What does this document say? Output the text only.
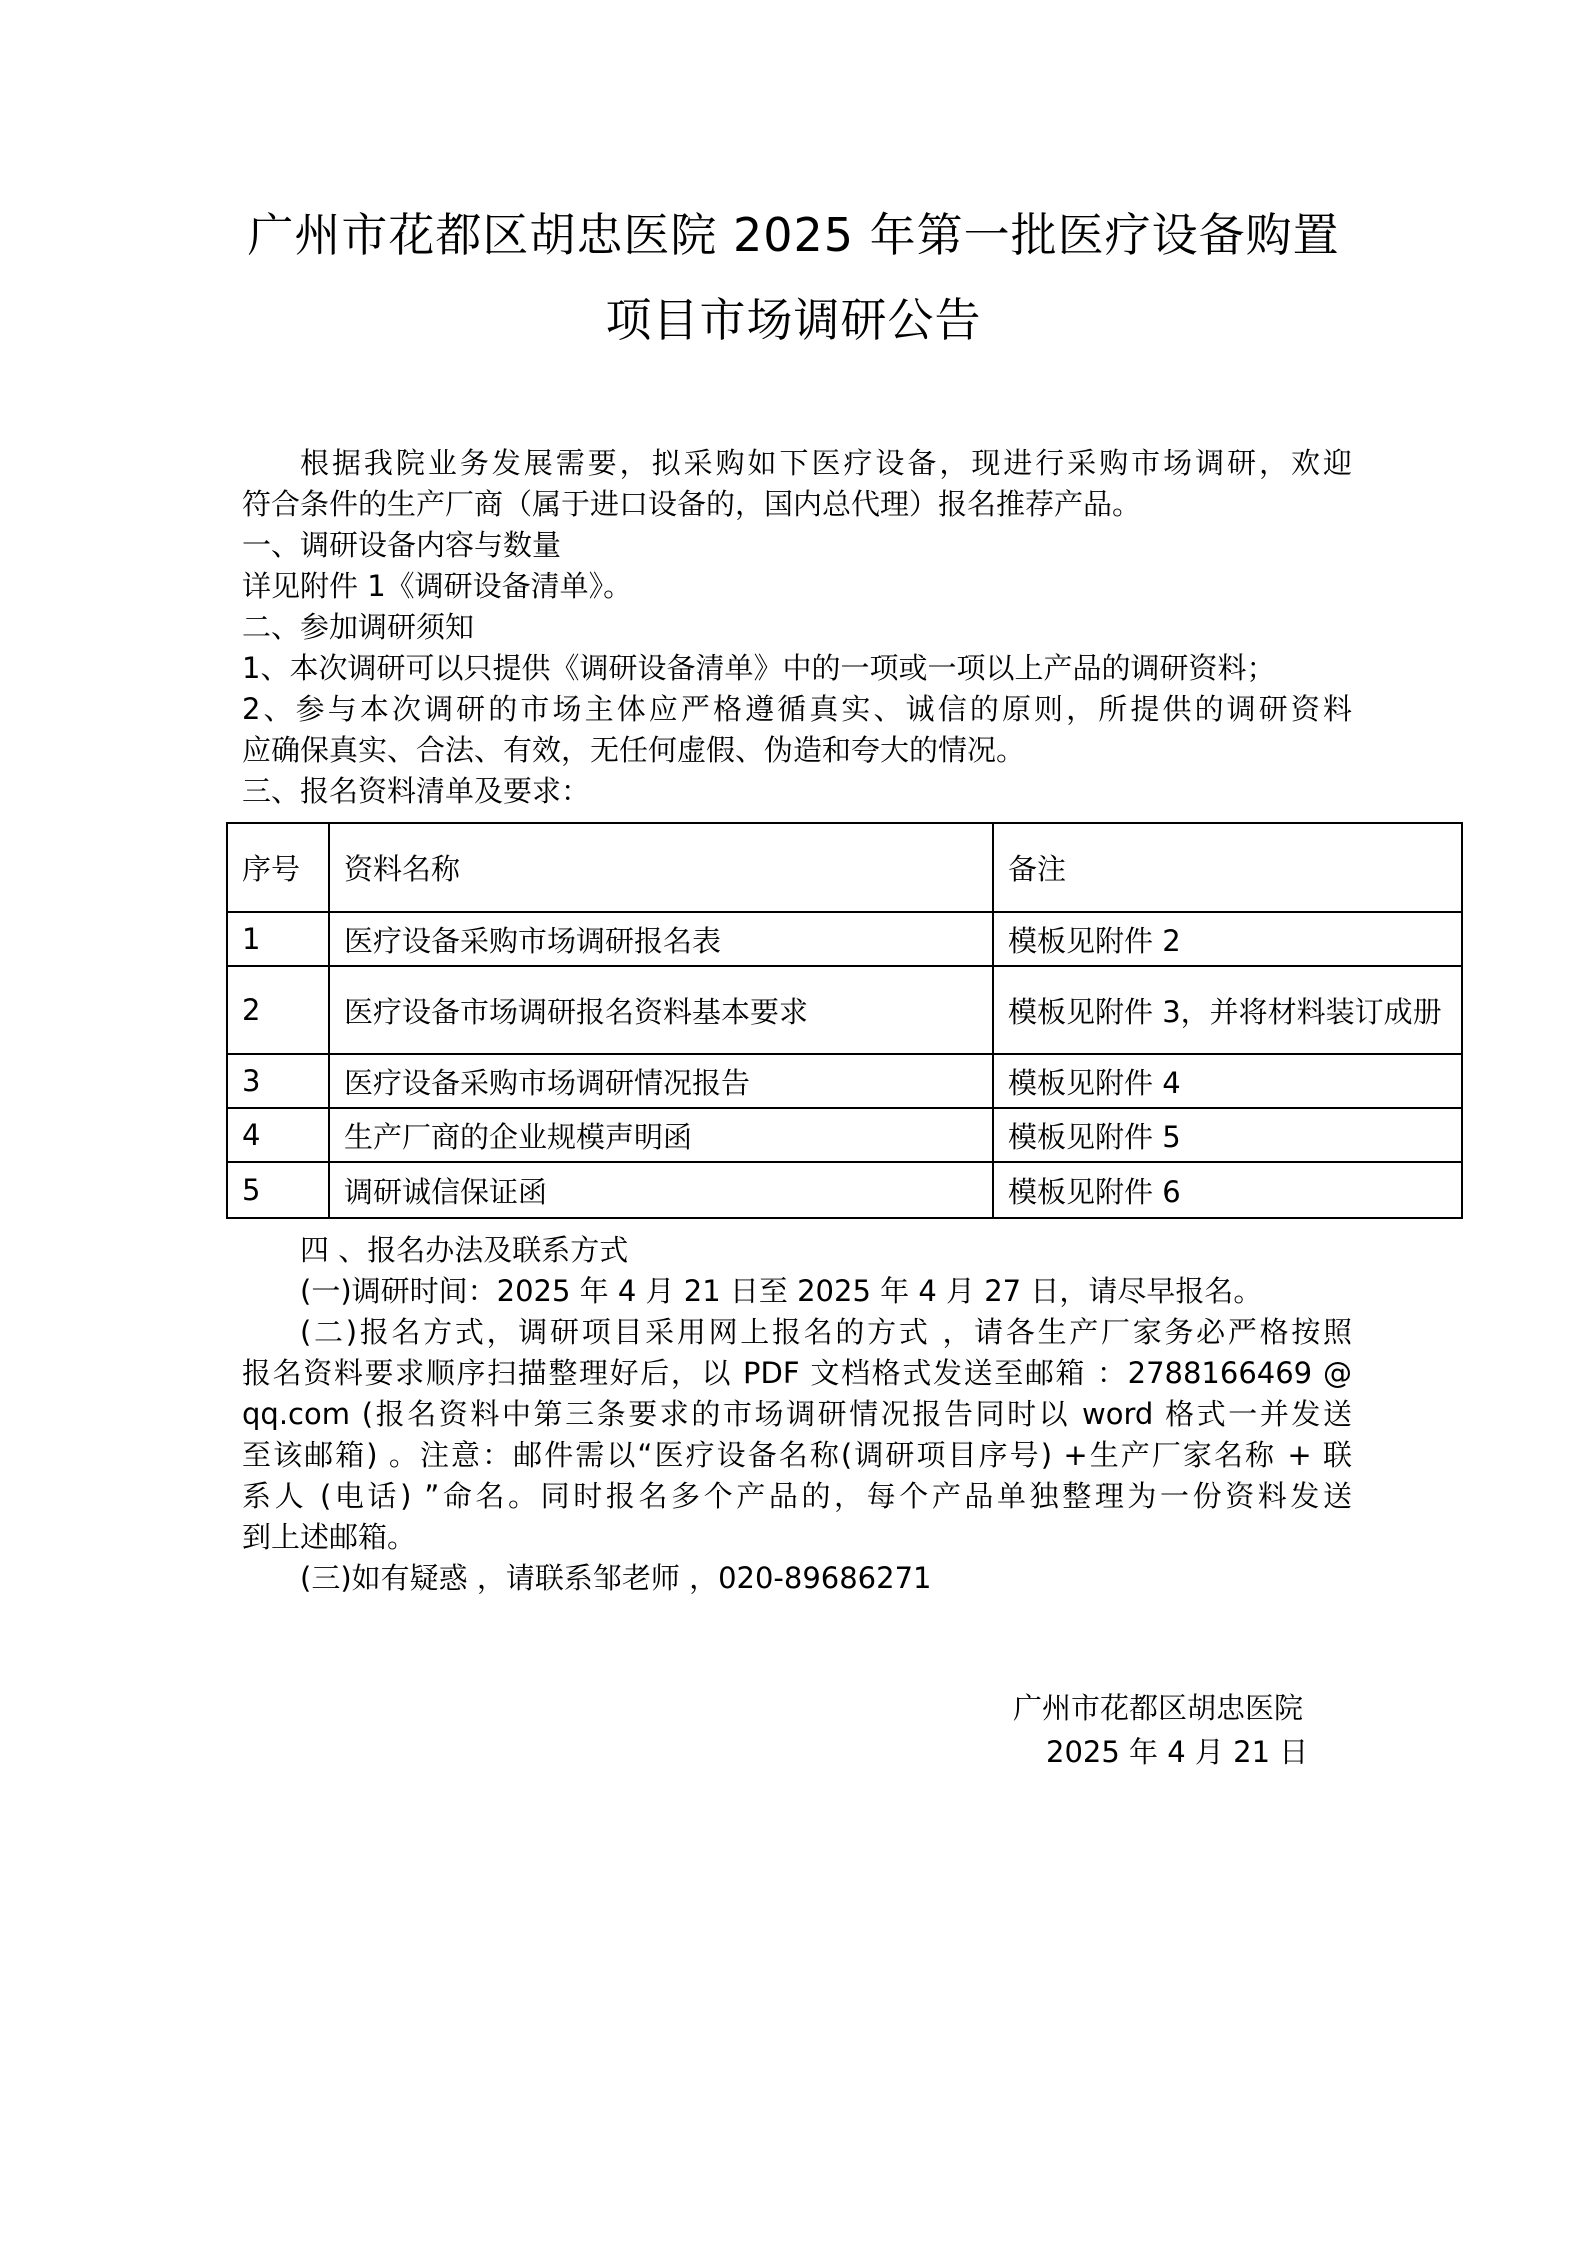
广州市花都区胡忠医院 2025 年第一批医疗设备购置
项目市场调研公告
根据我院业务发展需要，拟采购如下医疗设备，现进行采购市场调研，欢迎
符合条件的生产厂商（属于进口设备的，国内总代理）报名推荐产品。
一、调研设备内容与数量
详见附件 1《调研设备清单》。
二、参加调研须知
1、本次调研可以只提供《调研设备清单》中的一项或一项以上产品的调研资料；
2、参与本次调研的市场主体应严格遵循真实、诚信的原则，所提供的调研资料
应确保真实、合法、有效，无任何虚假、伪造和夸大的情况。
三、报名资料清单及要求：
序号	资料名称	备注
1	医疗设备采购市场调研报名表	模板见附件 2
2	医疗设备市场调研报名资料基本要求	模板见附件 3，并将材料装订成册
3	医疗设备采购市场调研情况报告	模板见附件 4
4	生产厂商的企业规模声明函	模板见附件 5
5	调研诚信保证函	模板见附件 6
四 、报名办法及联系方式
(一)调研时间：2025 年 4 月 21 日至 2025 年 4 月 27 日，请尽早报名。
(二)报名方式，调研项目采用网上报名的方式 ，请各生产厂家务必严格按照
报名资料要求顺序扫描整理好后，以 PDF 文档格式发送至邮箱 ：2788166469 @
qq.com (报名资料中第三条要求的市场调研情况报告同时以 word 格式一并发送
至该邮箱) 。注意：邮件需以“医疗设备名称(调研项目序号) +生产厂家名称 + 联
系人 (电话) ”命名。同时报名多个产品的，每个产品单独整理为一份资料发送
到上述邮箱。
(三)如有疑惑 ，请联系邹老师 ，020-89686271
广州市花都区胡忠医院
2025 年 4 月 21 日
